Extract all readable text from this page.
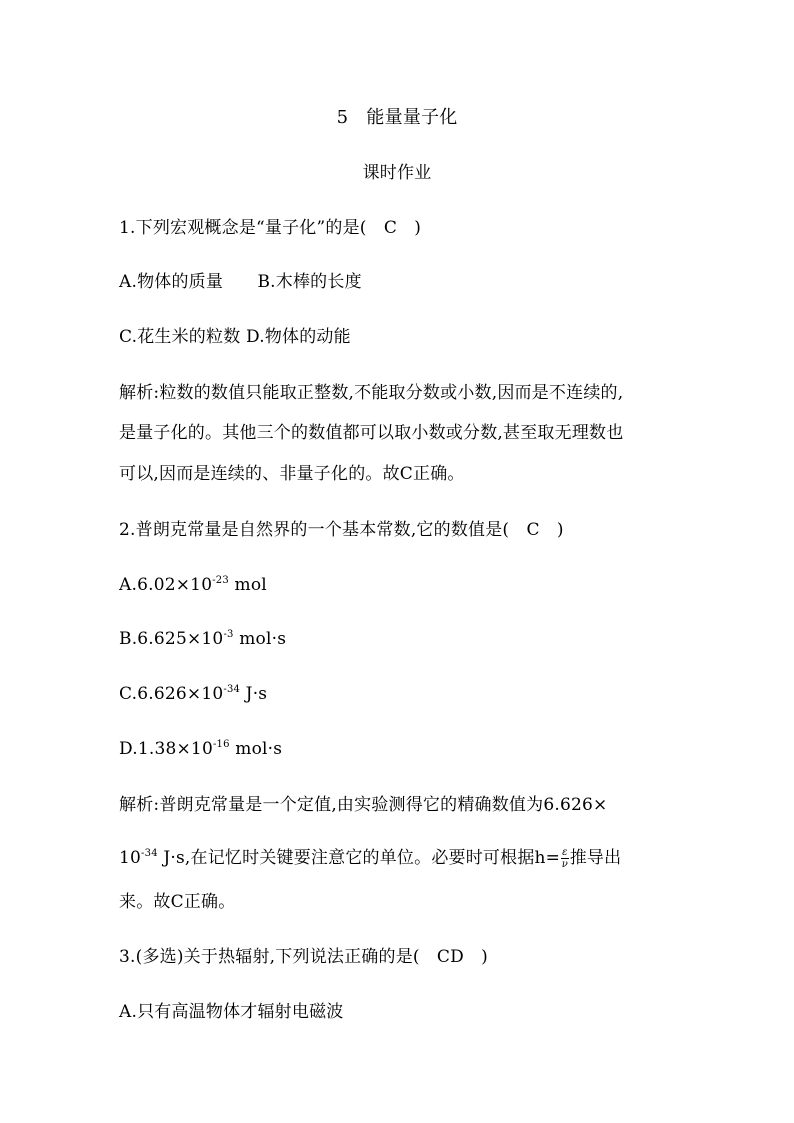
5　能量量子化
课时作业
1.下列宏观概念是“量子化”的是(　C　)
A.物体的质量　　B.木棒的长度
C.花生米的粒数 D.物体的动能
解析:粒数的数值只能取正整数,不能取分数或小数,因而是不连续的,
是量子化的。其他三个的数值都可以取小数或分数,甚至取无理数也
可以,因而是连续的、非量子化的。故C正确。
2.普朗克常量是自然界的一个基本常数,它的数值是(　C　)
$A.6.02\times 10^{-23}$ mol
$B.6.625\times 10^{-3}$ mol·s
$C.6.626\times 10^{-34}$ J·s
$D.1.38\times 10^{-16}$ mol·s
解析:普朗克常量是一个定值,由实验测得它的精确数值为6.626×
$10^{-34}$ J·s,在记忆时关键要注意它的单位。必要时可根据$h= \frac{\varepsilon}{\nu}$ 推导出
来。故C正确。
3.(多选)关于热辐射,下列说法正确的是(　CD　)
A.只有高温物体才辐射电磁波
